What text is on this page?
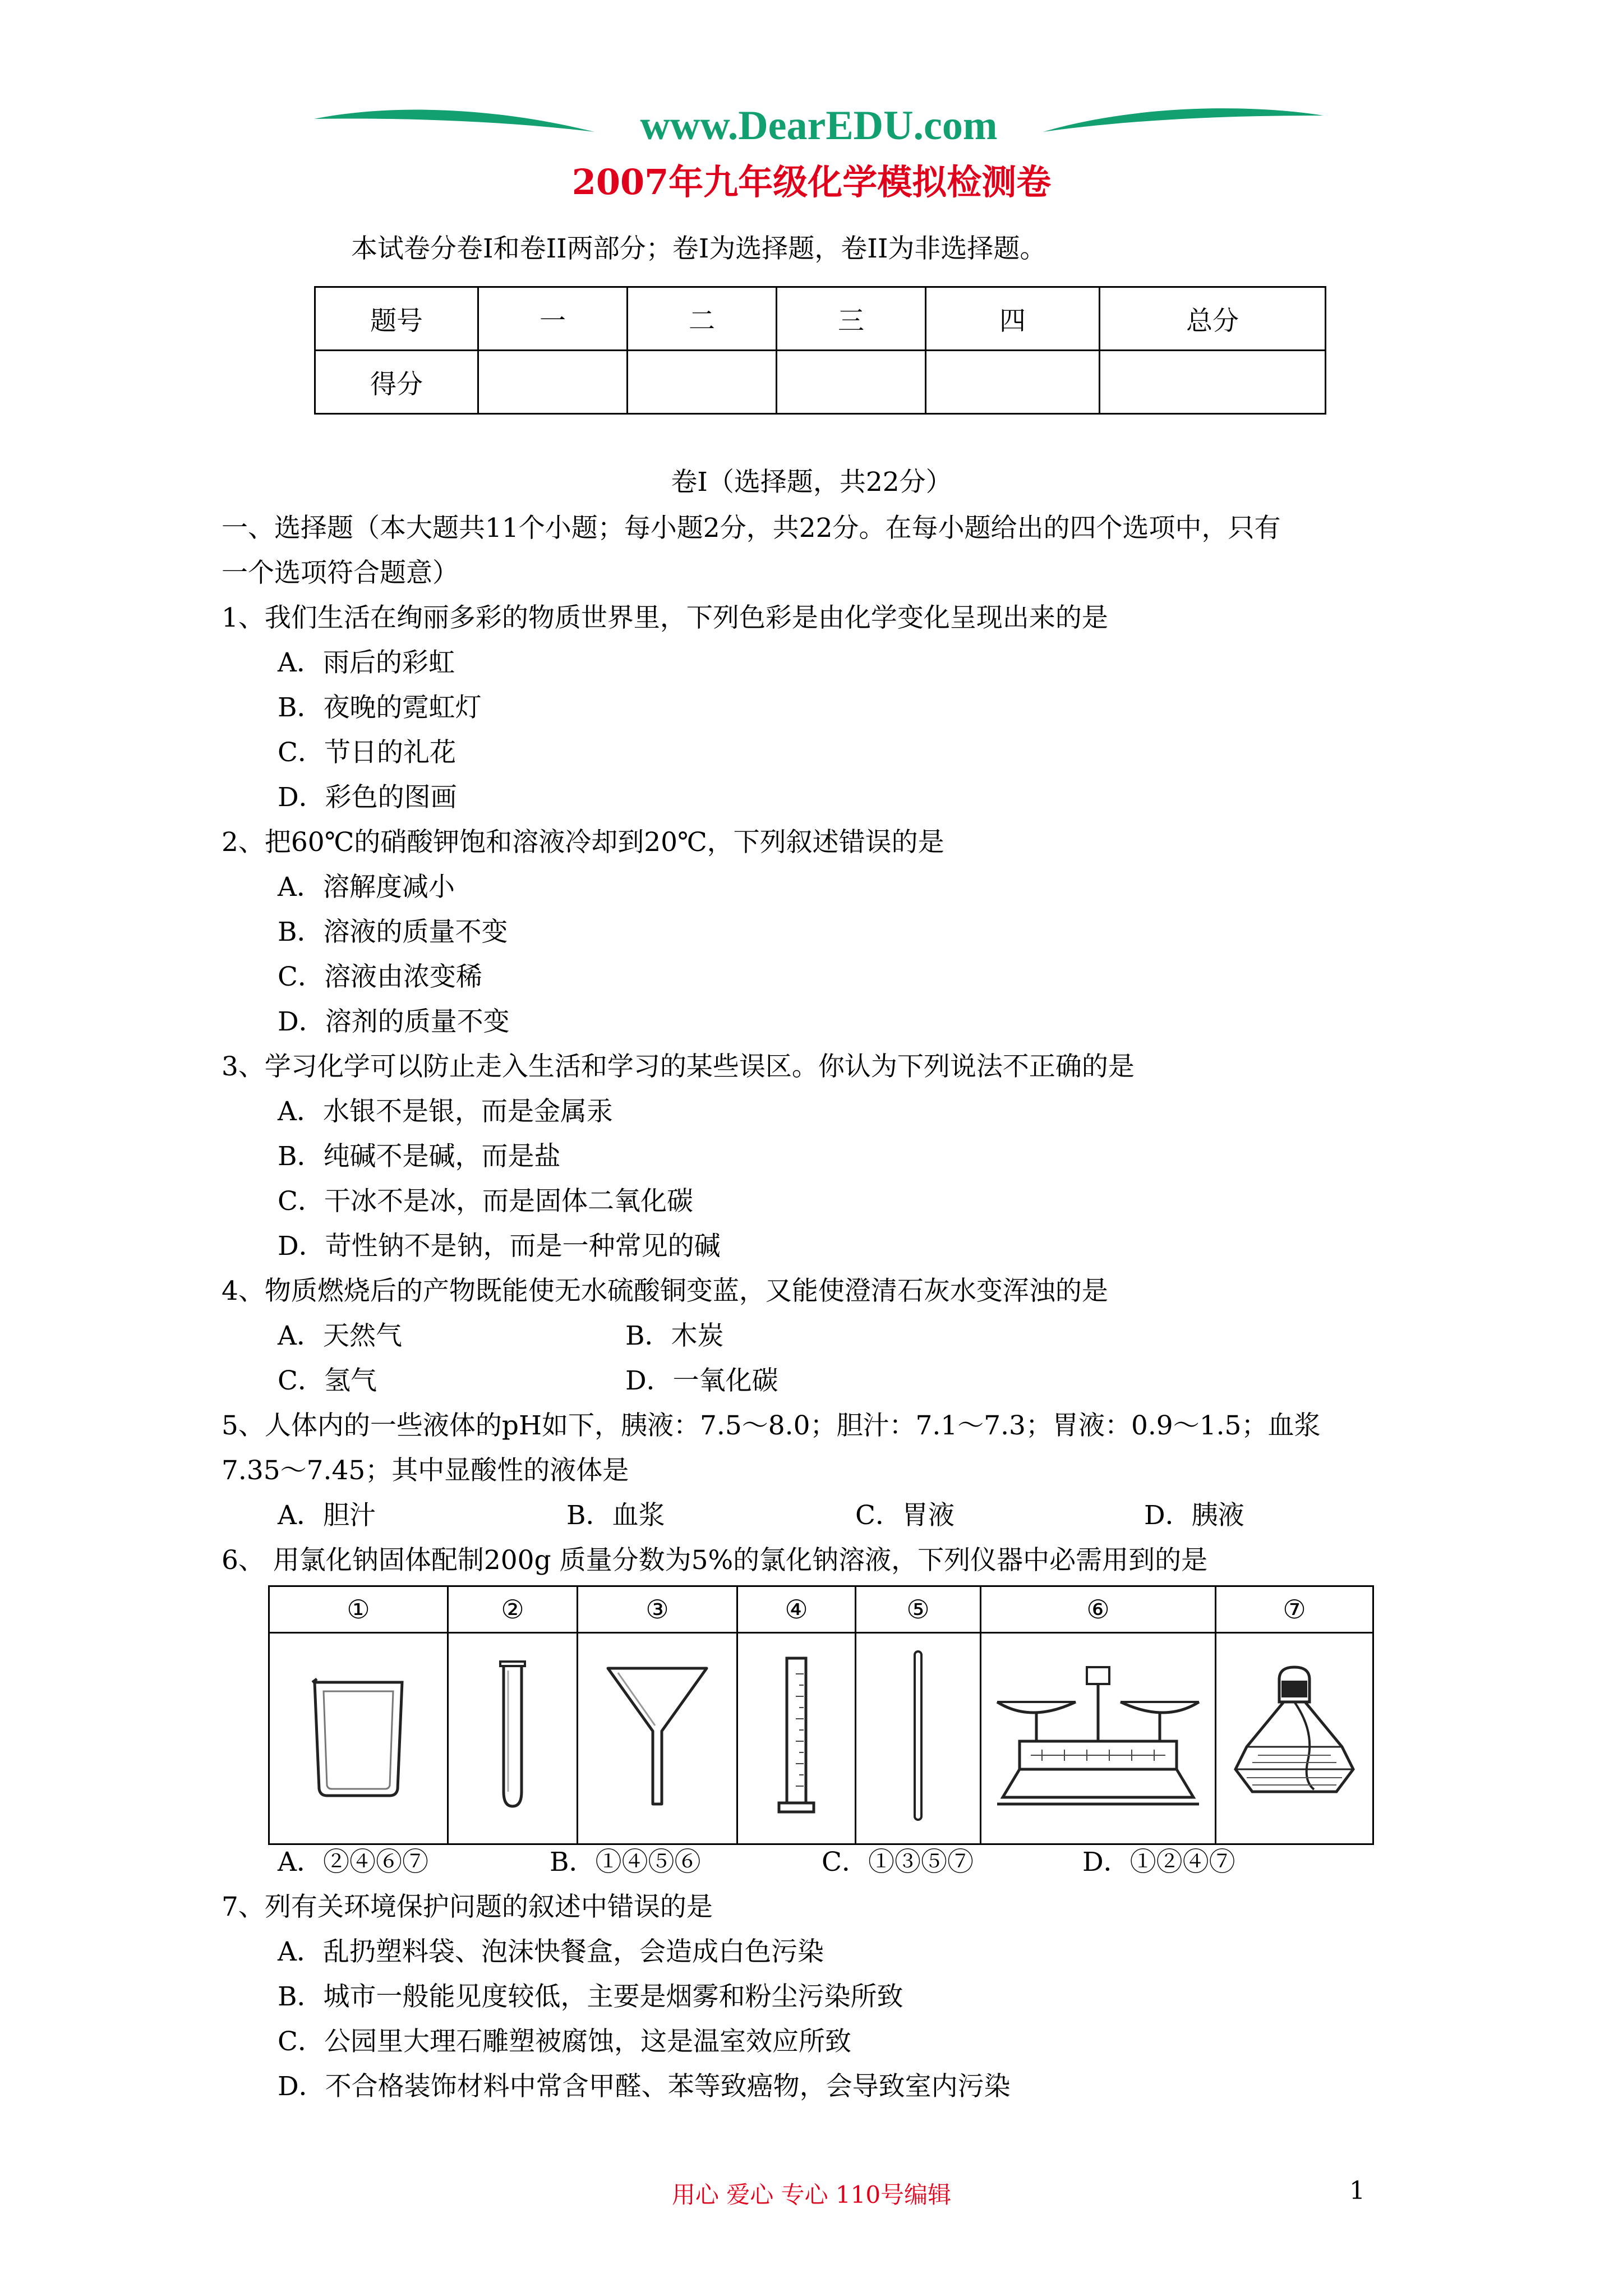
www.DearEDU.com
2007年九年级化学模拟检测卷
本试卷分卷I和卷II两部分；卷I为选择题，卷II为非选择题。
题号	一	二	三	四	总分
得分					
卷I（选择题，共22分）
一、选择题（本大题共11个小题；每小题2分，共22分。在每小题给出的四个选项中，只有
一个选项符合题意）
1、我们生活在绚丽多彩的物质世界里，下列色彩是由化学变化呈现出来的是
A．雨后的彩虹
B．夜晚的霓虹灯
C．节日的礼花
D．彩色的图画
2、把60℃的硝酸钾饱和溶液冷却到20℃，下列叙述错误的是
A．溶解度减小
B．溶液的质量不变
C．溶液由浓变稀
D．溶剂的质量不变
3、学习化学可以防止走入生活和学习的某些误区。你认为下列说法不正确的是
A．水银不是银，而是金属汞
B．纯碱不是碱，而是盐
C．干冰不是冰，而是固体二氧化碳
D．苛性钠不是钠，而是一种常见的碱
4、物质燃烧后的产物既能使无水硫酸铜变蓝，又能使澄清石灰水变浑浊的是
A．天然气	B．木炭
C．氢气	D．一氧化碳
5、人体内的一些液体的pH如下，胰液：7.5～8.0；胆汁：7.1～7.3；胃液：0.9～1.5；血浆
7.35～7.45；其中显酸性的液体是
A．胆汁	B．血浆	C．胃液	D．胰液
6、 用氯化钠固体配制200g 质量分数为5%的氯化钠溶液，下列仪器中必需用到的是
①	②	③	④	⑤	⑥	⑦

A．②④⑥⑦	B．①④⑤⑥	C．①③⑤⑦	D．①②④⑦
7、列有关环境保护问题的叙述中错误的是
A．乱扔塑料袋、泡沫快餐盒，会造成白色污染
B．城市一般能见度较低，主要是烟雾和粉尘污染所致
C．公园里大理石雕塑被腐蚀，这是温室效应所致
D．不合格装饰材料中常含甲醛、苯等致癌物，会导致室内污染
用心 爱心 专心 110号编辑	1
